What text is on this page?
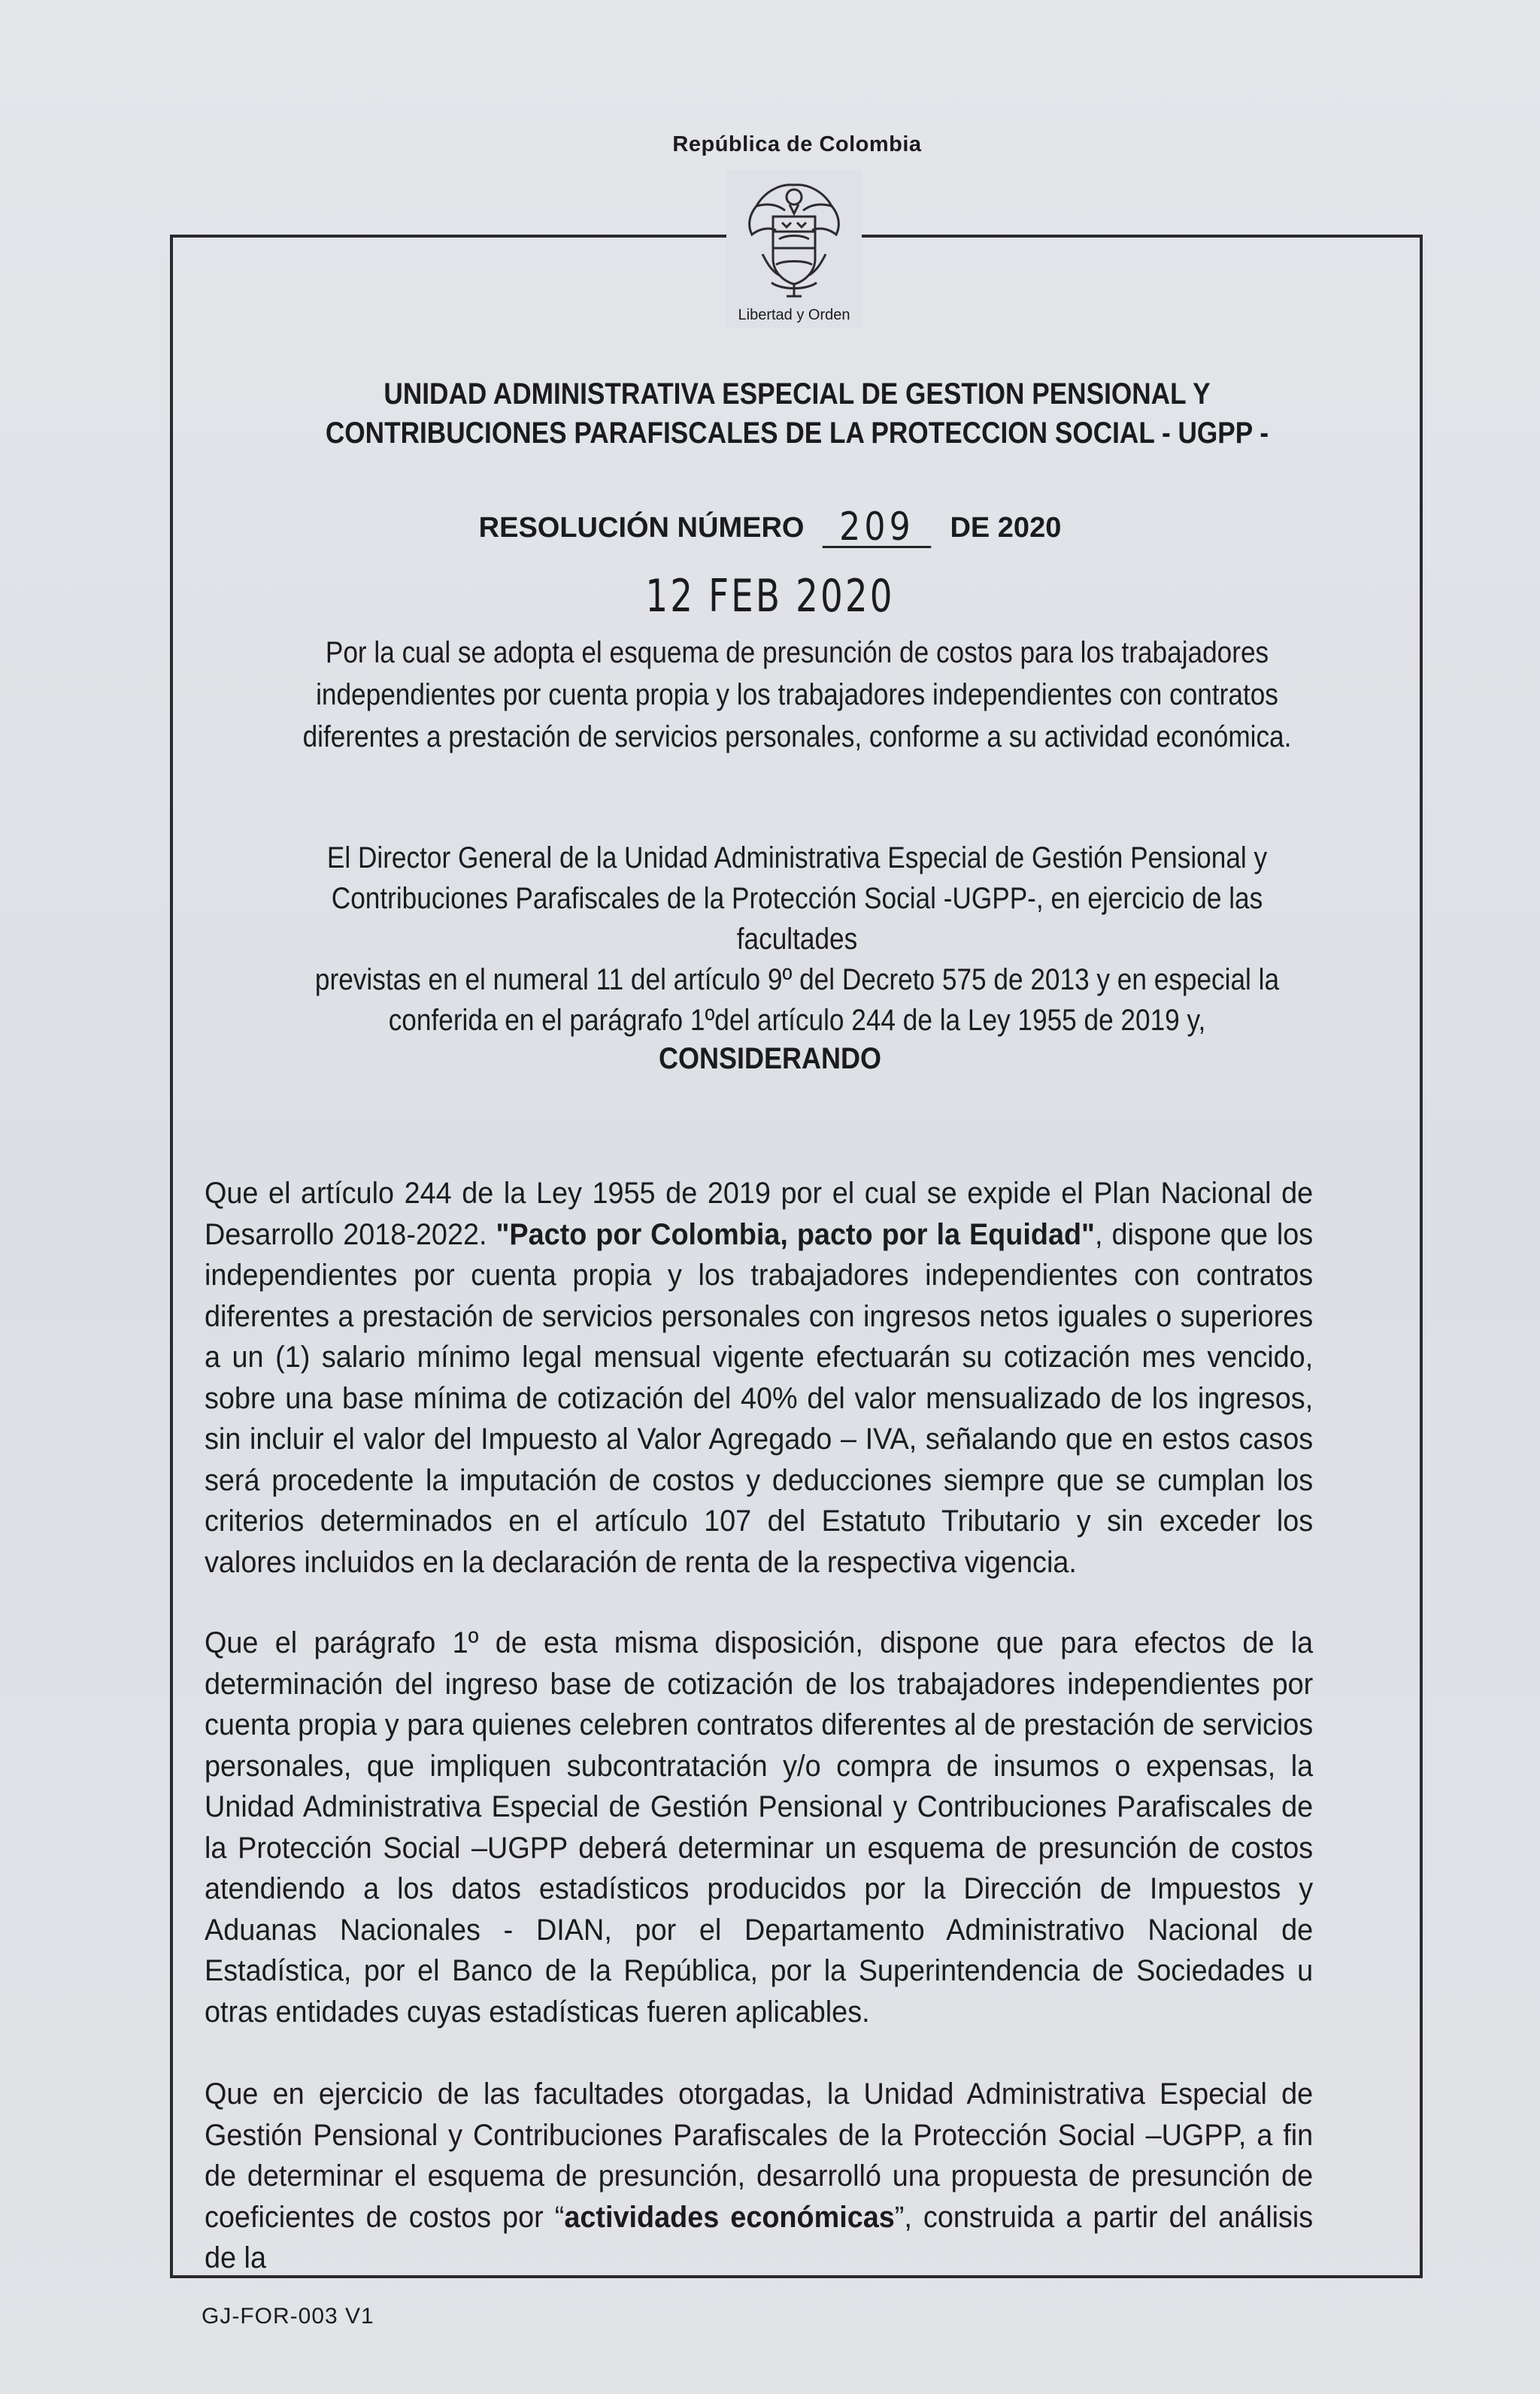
República de Colombia
Libertad y Orden
UNIDAD ADMINISTRATIVA ESPECIAL DE GESTION PENSIONAL Y
CONTRIBUCIONES PARAFISCALES DE LA PROTECCION SOCIAL - UGPP -
RESOLUCIÓN NÚMERO 209 DE 2020
12 FEB 2020
Por la cual se adopta el esquema de presunción de costos para los trabajadores
independientes por cuenta propia y los trabajadores independientes con contratos
diferentes a prestación de servicios personales, conforme a su actividad económica.
El Director General de la Unidad Administrativa Especial de Gestión Pensional y
Contribuciones Parafiscales de la Protección Social -UGPP-, en ejercicio de las facultades
previstas en el numeral 11 del artículo 9º del Decreto 575 de 2013 y en especial la
conferida en el parágrafo 1ºdel artículo 244 de la Ley 1955 de 2019 y,
CONSIDERANDO
Que el artículo 244 de la Ley 1955 de 2019 por el cual se expide el Plan Nacional de Desarrollo 2018-2022. "Pacto por Colombia, pacto por la Equidad", dispone que los independientes por cuenta propia y los trabajadores independientes con contratos diferentes a prestación de servicios personales con ingresos netos iguales o superiores a un (1) salario mínimo legal mensual vigente efectuarán su cotización mes vencido, sobre una base mínima de cotización del 40% del valor mensualizado de los ingresos, sin incluir el valor del Impuesto al Valor Agregado – IVA, señalando que en estos casos será procedente la imputación de costos y deducciones siempre que se cumplan los criterios determinados en el artículo 107 del Estatuto Tributario y sin exceder los valores incluidos en la declaración de renta de la respectiva vigencia.
Que el parágrafo 1º de esta misma disposición, dispone que para efectos de la determinación del ingreso base de cotización de los trabajadores independientes por cuenta propia y para quienes celebren contratos diferentes al de prestación de servicios personales, que impliquen subcontratación y/o compra de insumos o expensas, la Unidad Administrativa Especial de Gestión Pensional y Contribuciones Parafiscales de la Protección Social –UGPP deberá determinar un esquema de presunción de costos atendiendo a los datos estadísticos producidos por la Dirección de Impuestos y Aduanas Nacionales - DIAN, por el Departamento Administrativo Nacional de Estadística, por el Banco de la República, por la Superintendencia de Sociedades u otras entidades cuyas estadísticas fueren aplicables.
Que en ejercicio de las facultades otorgadas, la Unidad Administrativa Especial de Gestión Pensional y Contribuciones Parafiscales de la Protección Social –UGPP, a fin de determinar el esquema de presunción, desarrolló una propuesta de presunción de coeficientes de costos por “actividades económicas”, construida a partir del análisis de la
GJ-FOR-003 V1
